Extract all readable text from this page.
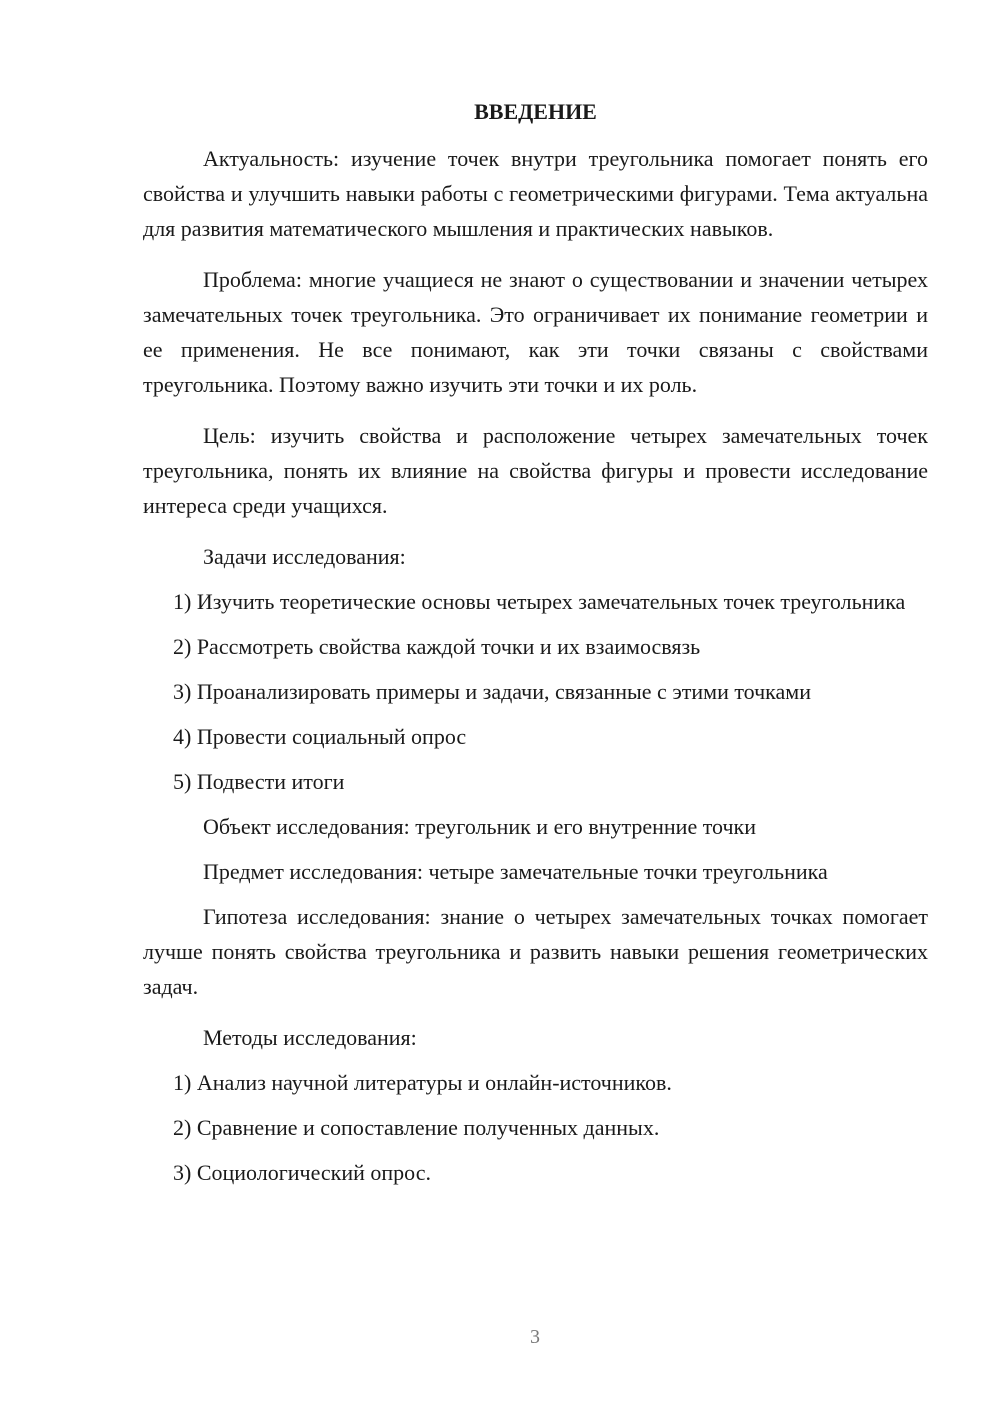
ВВЕДЕНИЕ

Актуальность: изучение точек внутри треугольника помогает понять его свойства и улучшить навыки работы с геометрическими фигурами. Тема актуальна для развития математического мышления и практических навыков.

Проблема: многие учащиеся не знают о существовании и значении четырех замечательных точек треугольника. Это ограничивает их понимание геометрии и ее применения. Не все понимают, как эти точки связаны с свойствами треугольника. Поэтому важно изучить эти точки и их роль.

Цель: изучить свойства и расположение четырех замечательных точек треугольника, понять их влияние на свойства фигуры и провести исследование интереса среди учащихся.

Задачи исследования:

1) Изучить теоретические основы четырех замечательных точек треугольника

2) Рассмотреть свойства каждой точки и их взаимосвязь

3) Проанализировать примеры и задачи, связанные с этими точками

4) Провести социальный опрос

5) Подвести итоги

Объект исследования: треугольник и его внутренние точки

Предмет исследования: четыре замечательные точки треугольника

Гипотеза исследования: знание о четырех замечательных точках помогает лучше понять свойства треугольника и развить навыки решения геометрических задач.

Методы исследования:

1) Анализ научной литературы и онлайн-источников.

2) Сравнение и сопоставление полученных данных.

3) Социологический опрос.

3
